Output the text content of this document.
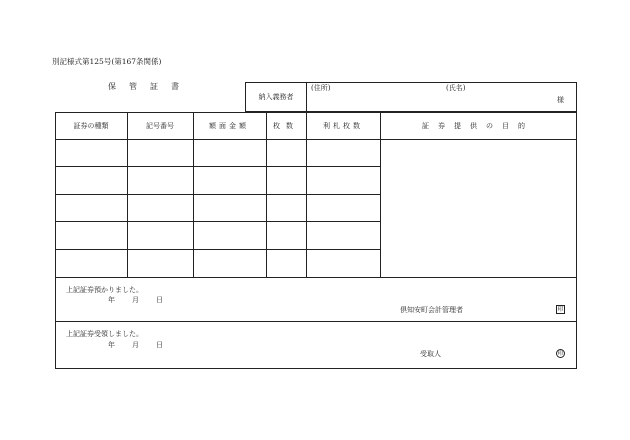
別記様式第125号(第167条関係)
保管証書
納入義務者
(住所)	(氏名)
様
証券の種類	記号番号	額面金額	枚数	利札枚数	証券提供の目的
上記証券預かりました。
年 月 日
倶知安町会計管理者	印
上記証券受領しました。
年 月 日
受取人	印
